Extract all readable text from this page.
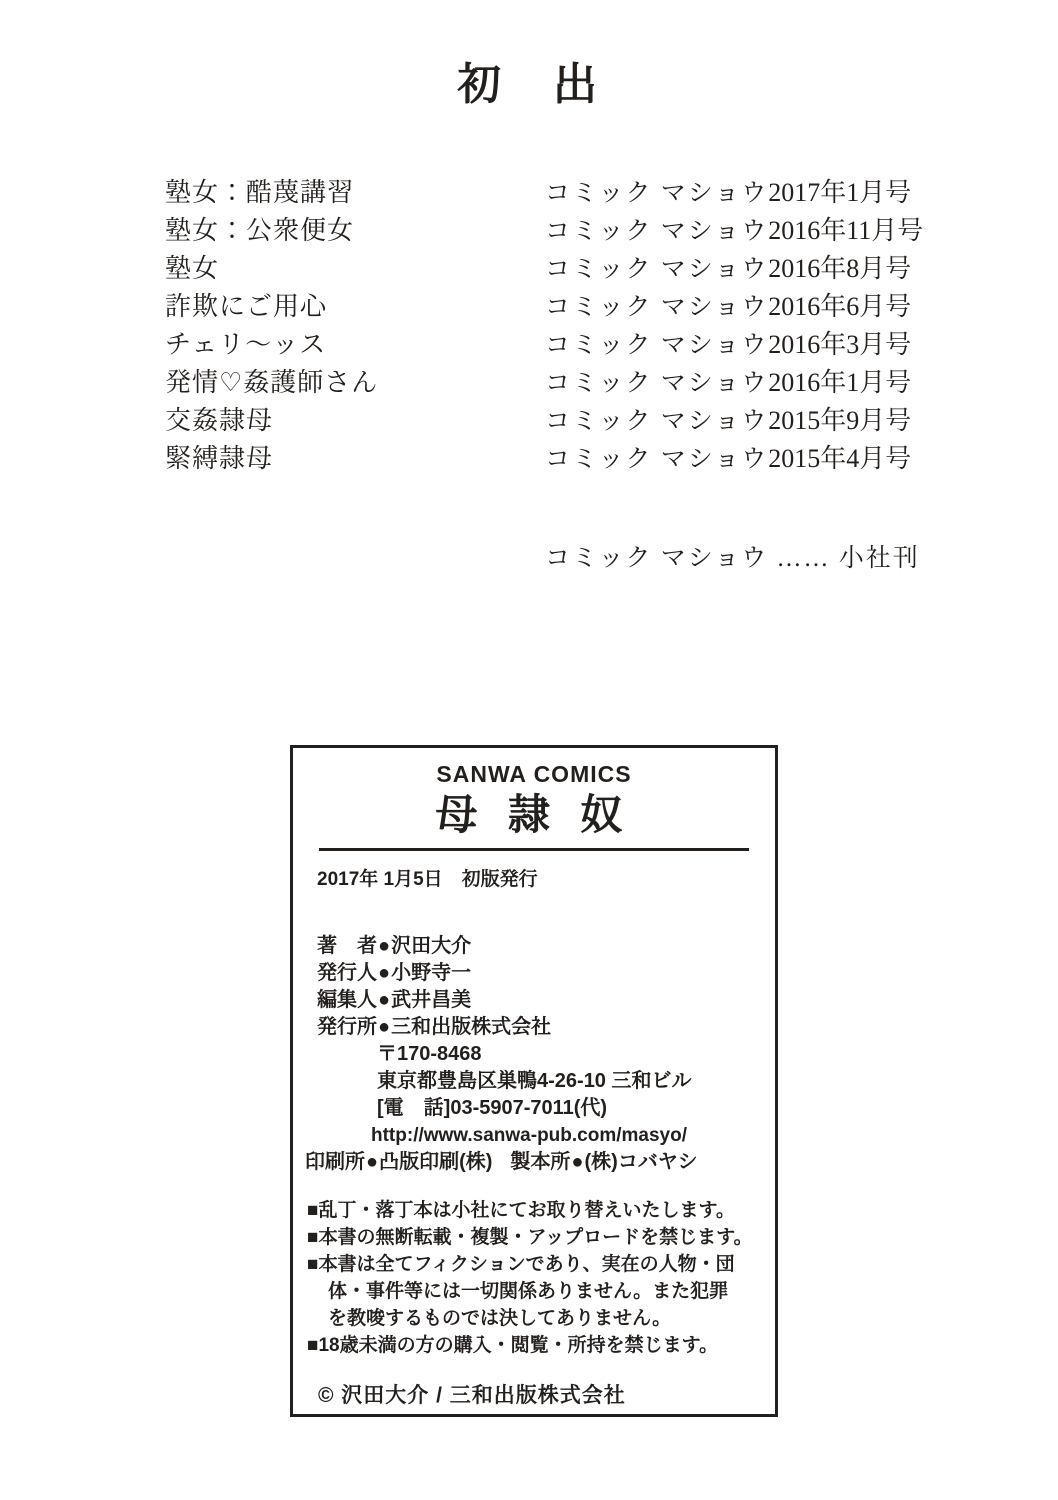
初　出
塾女：酷蔑講習	コミック マショウ 2017年1月号
塾女：公衆便女	コミック マショウ 2016年11月号
塾女	コミック マショウ 2016年8月号
詐欺にご用心	コミック マショウ 2016年6月号
チェリ～ッス	コミック マショウ 2016年3月号
発情♡姦護師さん	コミック マショウ 2016年1月号
交姦隷母	コミック マショウ 2015年9月号
緊縛隷母	コミック マショウ 2015年4月号
コミック マショウ …… 小社刊
SANWA COMICS
母 隷 奴
2017年 1月5日　初版発行
著　者●沢田大介
発行人●小野寺一
編集人●武井昌美
発行所●三和出版株式会社
〒170-8468
東京都豊島区巣鴨4-26-10 三和ビル
[電　話]03-5907-7011(代)
http://www.sanwa-pub.com/masyo/
印刷所●凸版印刷(株) 製本所●(株)コバヤシ
■乱丁・落丁本は小社にてお取り替えいたします。
■本書の無断転載・複製・アップロードを禁じます。
■本書は全てフィクションであり、実在の人物・団
体・事件等には一切関係ありません。また犯罪
を教唆するものでは決してありません。
■18歳未満の方の購入・閲覧・所持を禁じます。
© 沢田大介 / 三和出版株式会社
